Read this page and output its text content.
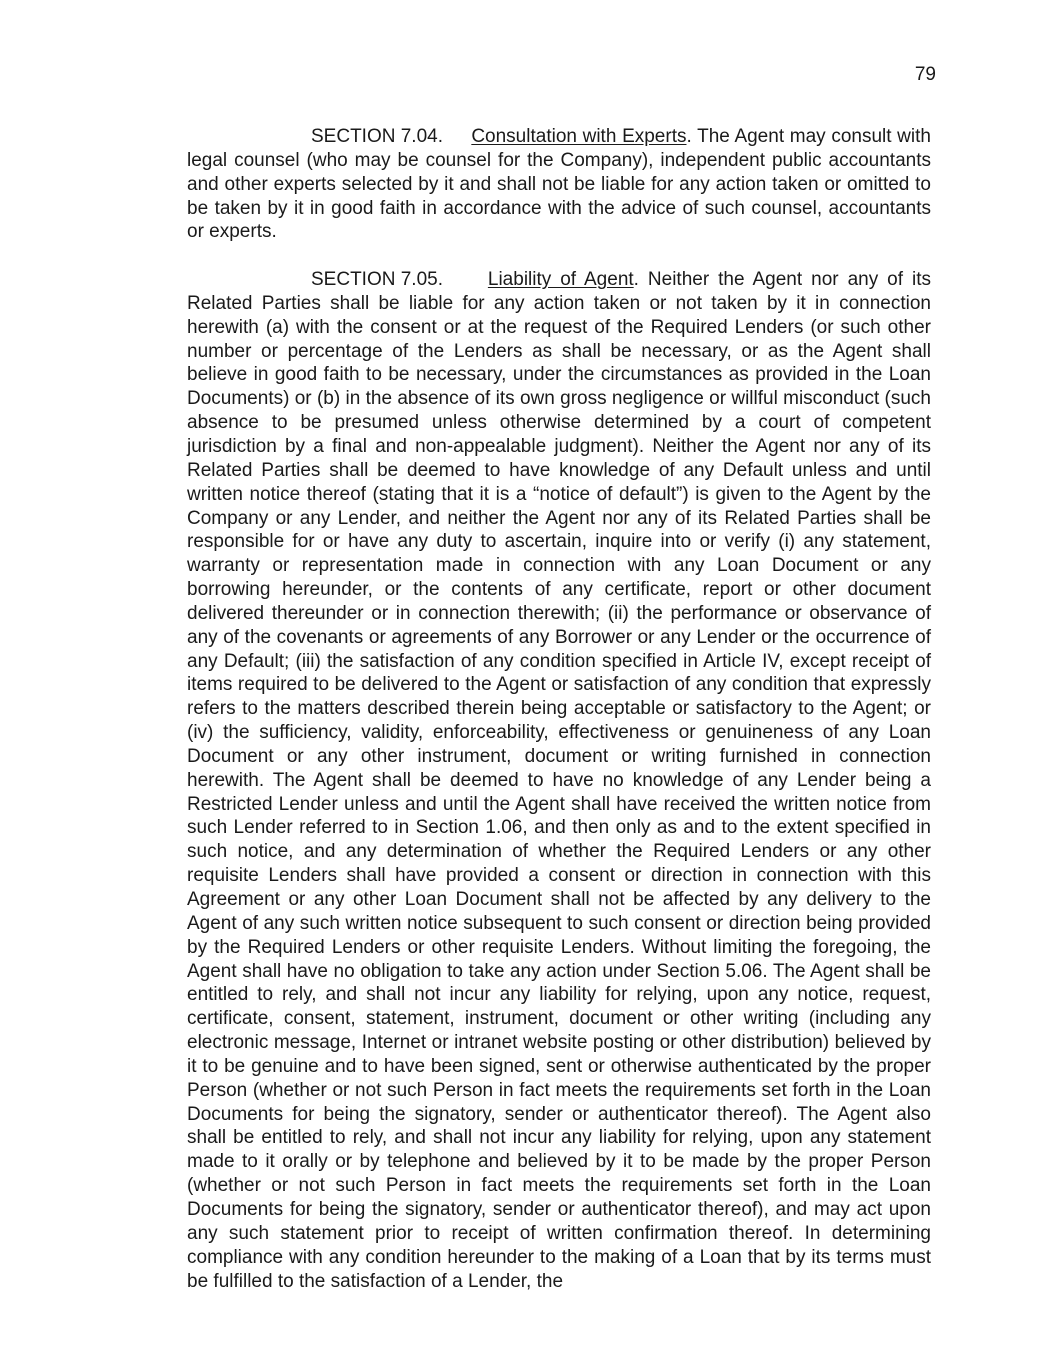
79

SECTION 7.04. Consultation with Experts. The Agent may consult with legal counsel (who may be counsel for the Company), independent public accountants and other experts selected by it and shall not be liable for any action taken or omitted to be taken by it in good faith in accordance with the advice of such counsel, accountants or experts.

SECTION 7.05. Liability of Agent. Neither the Agent nor any of its Related Parties shall be liable for any action taken or not taken by it in connection herewith (a) with the consent or at the request of the Required Lenders (or such other number or percentage of the Lenders as shall be necessary, or as the Agent shall believe in good faith to be necessary, under the circumstances as provided in the Loan Documents) or (b) in the absence of its own gross negligence or willful misconduct (such absence to be presumed unless otherwise determined by a court of competent jurisdiction by a final and non-appealable judgment). Neither the Agent nor any of its Related Parties shall be deemed to have knowledge of any Default unless and until written notice thereof (stating that it is a “notice of default”) is given to the Agent by the Company or any Lender, and neither the Agent nor any of its Related Parties shall be responsible for or have any duty to ascertain, inquire into or verify (i) any statement, warranty or representation made in connection with any Loan Document or any borrowing hereunder, or the contents of any certificate, report or other document delivered thereunder or in connection therewith; (ii) the performance or observance of any of the covenants or agreements of any Borrower or any Lender or the occurrence of any Default; (iii) the satisfaction of any condition specified in Article IV, except receipt of items required to be delivered to the Agent or satisfaction of any condition that expressly refers to the matters described therein being acceptable or satisfactory to the Agent; or (iv) the sufficiency, validity, enforceability, effectiveness or genuineness of any Loan Document or any other instrument, document or writing furnished in connection herewith. The Agent shall be deemed to have no knowledge of any Lender being a Restricted Lender unless and until the Agent shall have received the written notice from such Lender referred to in Section 1.06, and then only as and to the extent specified in such notice, and any determination of whether the Required Lenders or any other requisite Lenders shall have provided a consent or direction in connection with this Agreement or any other Loan Document shall not be affected by any delivery to the Agent of any such written notice subsequent to such consent or direction being provided by the Required Lenders or other requisite Lenders. Without limiting the foregoing, the Agent shall have no obligation to take any action under Section 5.06. The Agent shall be entitled to rely, and shall not incur any liability for relying, upon any notice, request, certificate, consent, statement, instrument, document or other writing (including any electronic message, Internet or intranet website posting or other distribution) believed by it to be genuine and to have been signed, sent or otherwise authenticated by the proper Person (whether or not such Person in fact meets the requirements set forth in the Loan Documents for being the signatory, sender or authenticator thereof). The Agent also shall be entitled to rely, and shall not incur any liability for relying, upon any statement made to it orally or by telephone and believed by it to be made by the proper Person (whether or not such Person in fact meets the requirements set forth in the Loan Documents for being the signatory, sender or authenticator thereof), and may act upon any such statement prior to receipt of written confirmation thereof. In determining compliance with any condition hereunder to the making of a Loan that by its terms must be fulfilled to the satisfaction of a Lender, the
